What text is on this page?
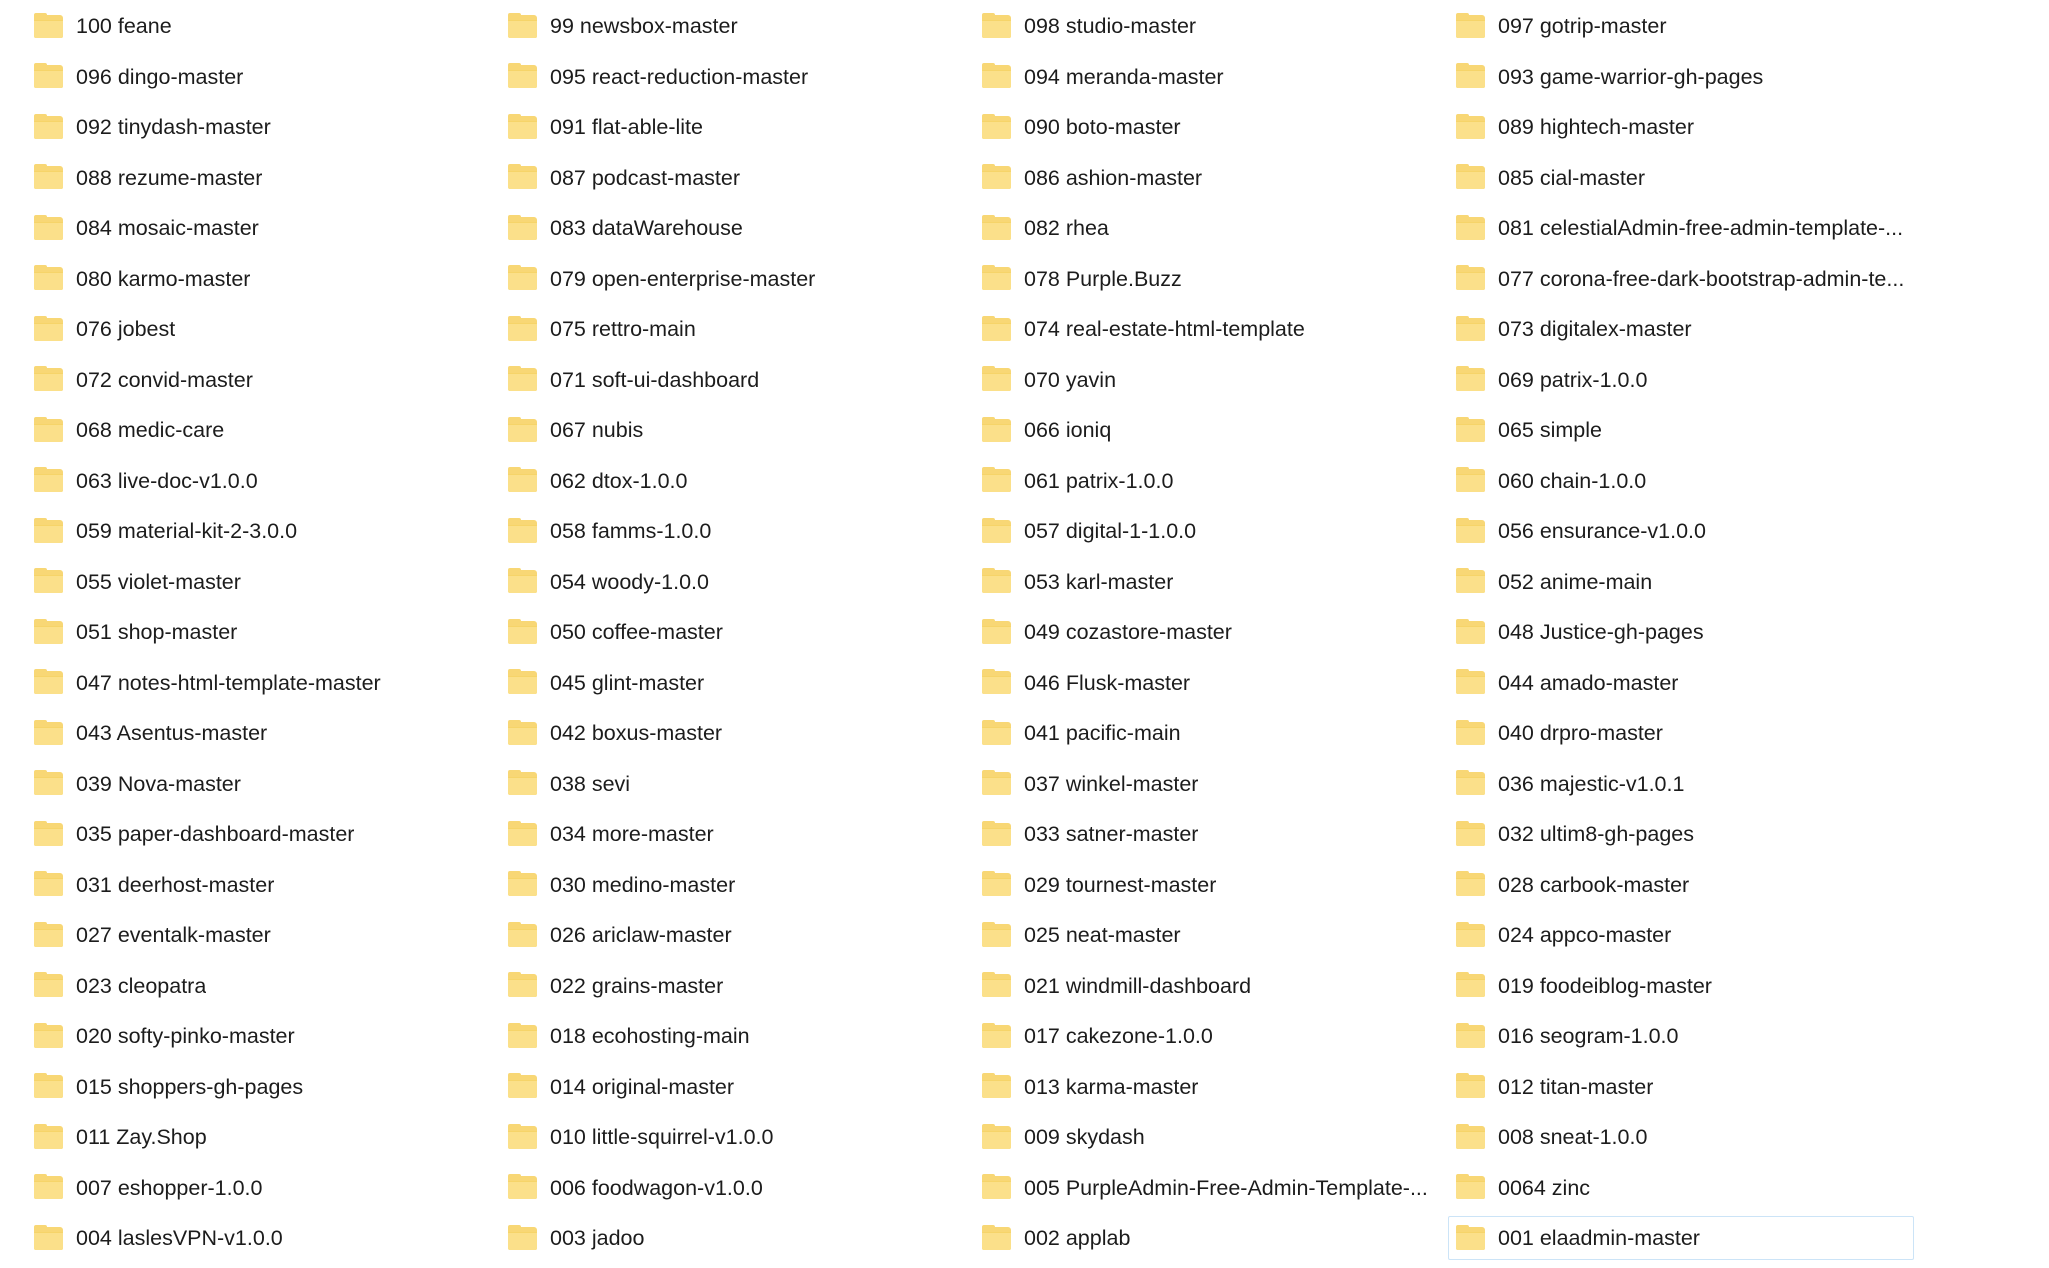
100 feane
096 dingo-master
092 tinydash-master
088 rezume-master
084 mosaic-master
080 karmo-master
076 jobest
072 convid-master
068 medic-care
063 live-doc-v1.0.0
059 material-kit-2-3.0.0
055 violet-master
051 shop-master
047 notes-html-template-master
043 Asentus-master
039 Nova-master
035 paper-dashboard-master
031 deerhost-master
027 eventalk-master
023 cleopatra
020 softy-pinko-master
015 shoppers-gh-pages
011 Zay.Shop
007 eshopper-1.0.0
004 laslesVPN-v1.0.0
99 newsbox-master
095 react-reduction-master
091 flat-able-lite
087 podcast-master
083 dataWarehouse
079 open-enterprise-master
075 rettro-main
071 soft-ui-dashboard
067 nubis
062 dtox-1.0.0
058 famms-1.0.0
054 woody-1.0.0
050 coffee-master
045 glint-master
042 boxus-master
038 sevi
034 more-master
030 medino-master
026 ariclaw-master
022 grains-master
018 ecohosting-main
014 original-master
010 little-squirrel-v1.0.0
006 foodwagon-v1.0.0
003 jadoo
098 studio-master
094 meranda-master
090 boto-master
086 ashion-master
082 rhea
078 Purple.Buzz
074 real-estate-html-template
070 yavin
066 ioniq
061 patrix-1.0.0
057 digital-1-1.0.0
053 karl-master
049 cozastore-master
046 Flusk-master
041 pacific-main
037 winkel-master
033 satner-master
029 tournest-master
025 neat-master
021 windmill-dashboard
017 cakezone-1.0.0
013 karma-master
009 skydash
005 PurpleAdmin-Free-Admin-Template-...
002 applab
097 gotrip-master
093 game-warrior-gh-pages
089 hightech-master
085 cial-master
081 celestialAdmin-free-admin-template-...
077 corona-free-dark-bootstrap-admin-te...
073 digitalex-master
069 patrix-1.0.0
065 simple
060 chain-1.0.0
056 ensurance-v1.0.0
052 anime-main
048 Justice-gh-pages
044 amado-master
040 drpro-master
036 majestic-v1.0.1
032 ultim8-gh-pages
028 carbook-master
024 appco-master
019 foodeiblog-master
016 seogram-1.0.0
012 titan-master
008 sneat-1.0.0
0064 zinc
001 elaadmin-master
